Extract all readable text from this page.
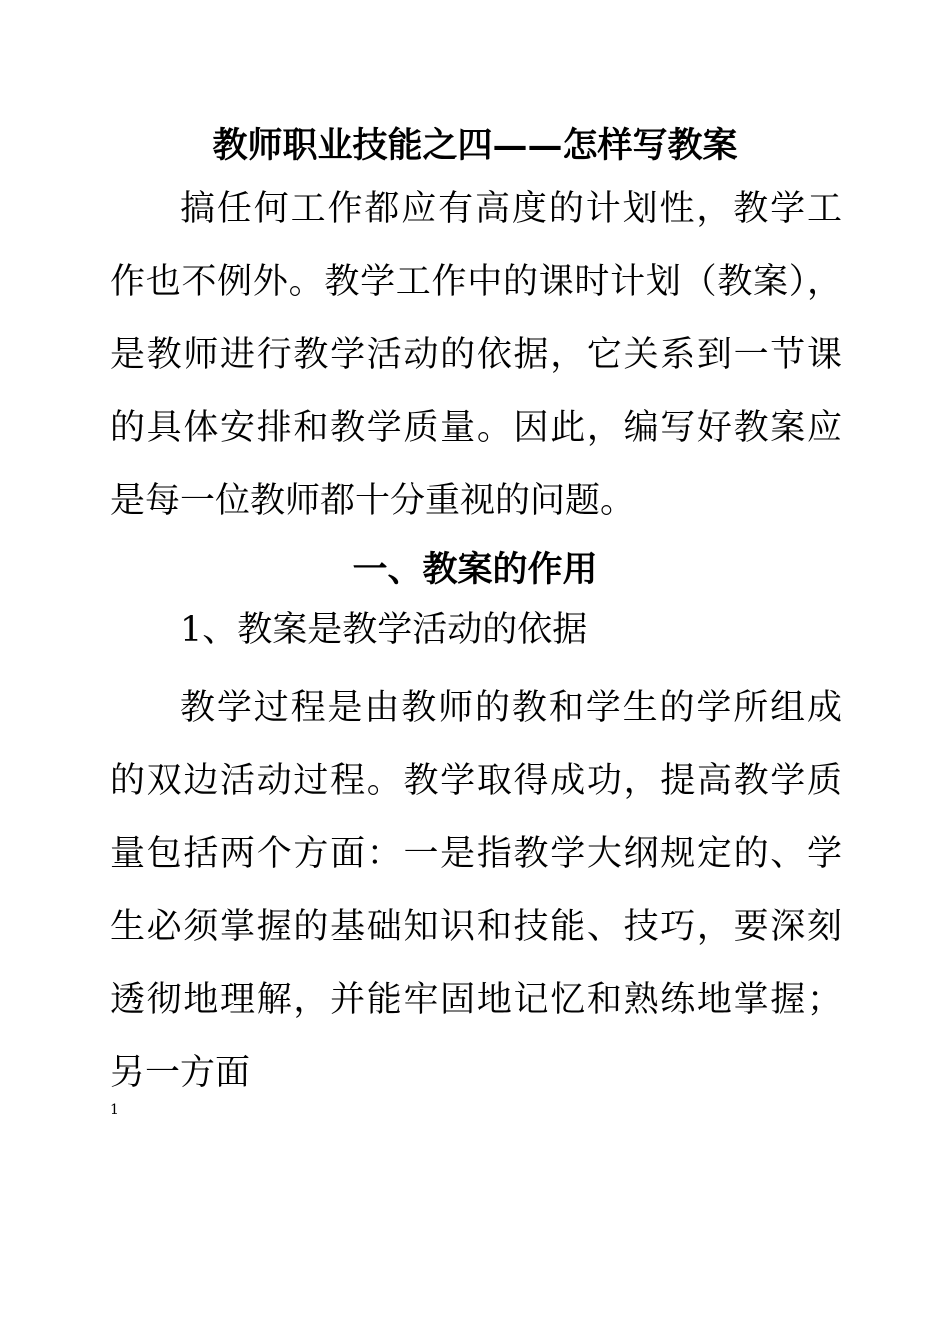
教师职业技能之四——怎样写教案
搞任何工作都应有高度的计划性，教学工作也不例外。教学工作中的课时计划（教案），是教师进行教学活动的依据，它关系到一节课的具体安排和教学质量。因此，编写好教案应是每一位教师都十分重视的问题。
一、教案的作用
1、教案是教学活动的依据
教学过程是由教师的教和学生的学所组成的双边活动过程。教学取得成功，提高教学质量包括两个方面：一是指教学大纲规定的、学生必须掌握的基础知识和技能、技巧，要深刻透彻地理解，并能牢固地记忆和熟练地掌握；另一方面
1
